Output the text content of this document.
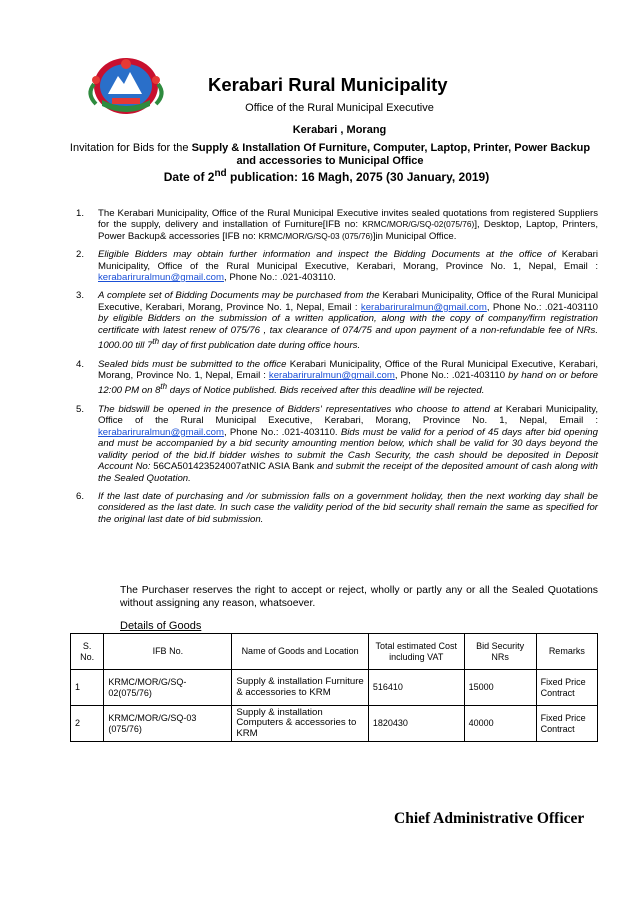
Kerabari Rural Municipality
Office of the Rural Municipal Executive
Kerabari , Morang
Invitation for Bids for the Supply & Installation Of Furniture, Computer, Laptop, Printer, Power Backup and accessories to Municipal Office
Date of 2nd publication: 16 Magh, 2075 (30 January, 2019)
1. The Kerabari Municipality, Office of the Rural Municipal Executive invites sealed quotations from registered Suppliers for the supply, delivery and installation of Furniture[IFB no: KRMC/MOR/G/SQ-02(075/76)], Desktop, Laptop, Printers, Power Backup& accessories [IFB no: KRMC/MOR/G/SQ-03 (075/76)]in Municipal Office.
2. Eligible Bidders may obtain further information and inspect the Bidding Documents at the office of Kerabari Municipality, Office of the Rural Municipal Executive, Kerabari, Morang, Province No. 1, Nepal, Email : kerabariruralmun@gmail.com, Phone No.: .021-403110.
3. A complete set of Bidding Documents may be purchased from the Kerabari Municipality, Office of the Rural Municipal Executive, Kerabari, Morang, Province No. 1, Nepal, Email : kerabariruralmun@gmail.com, Phone No.: .021-403110 by eligible Bidders on the submission of a written application, along with the copy of company/firm registration certificate with latest renew of 075/76 , tax clearance of 074/75 and upon payment of a non-refundable fee of NRs. 1000.00 till 7th day of first publication date during office hours.
4. Sealed bids must be submitted to the office Kerabari Municipality, Office of the Rural Municipal Executive, Kerabari, Morang, Province No. 1, Nepal, Email : kerabariruralmun@gmail.com, Phone No.: .021-403110 by hand on or before 12:00 PM on 8th days of Notice published. Bids received after this deadline will be rejected.
5. The bidswill be opened in the presence of Bidders' representatives who choose to attend at Kerabari Municipality, Office of the Rural Municipal Executive, Kerabari, Morang, Province No. 1, Nepal, Email : kerabariruralmun@gmail.com, Phone No.: .021-403110. Bids must be valid for a period of 45 days after bid opening and must be accompanied by a bid security amounting mention below, which shall be valid for 30 days beyond the validity period of the bid.If bidder wishes to submit the Cash Security, the cash should be deposited in Deposit Account No: 56CA501423524007atNIC ASIA Bank and submit the receipt of the deposited amount of cash along with the Sealed Quotation.
6. If the last date of purchasing and /or submission falls on a government holiday, then the next working day shall be considered as the last date. In such case the validity period of the bid security shall remain the same as specified for the original last date of bid submission.
The Purchaser reserves the right to accept or reject, wholly or partly any or all the Sealed Quotations without assigning any reason, whatsoever.
Details of Goods
S. No.	IFB No.	Name of Goods and Location	Total estimated Cost including VAT	Bid Security NRs	Remarks
1	KRMC/MOR/G/SQ-02(075/76)	Supply & installation Furniture & accessories to KRM	516410	15000	Fixed Price Contract
2	KRMC/MOR/G/SQ-03 (075/76)	Supply & installation Computers & accessories to KRM	1820430	40000	Fixed Price Contract
Chief Administrative Officer
